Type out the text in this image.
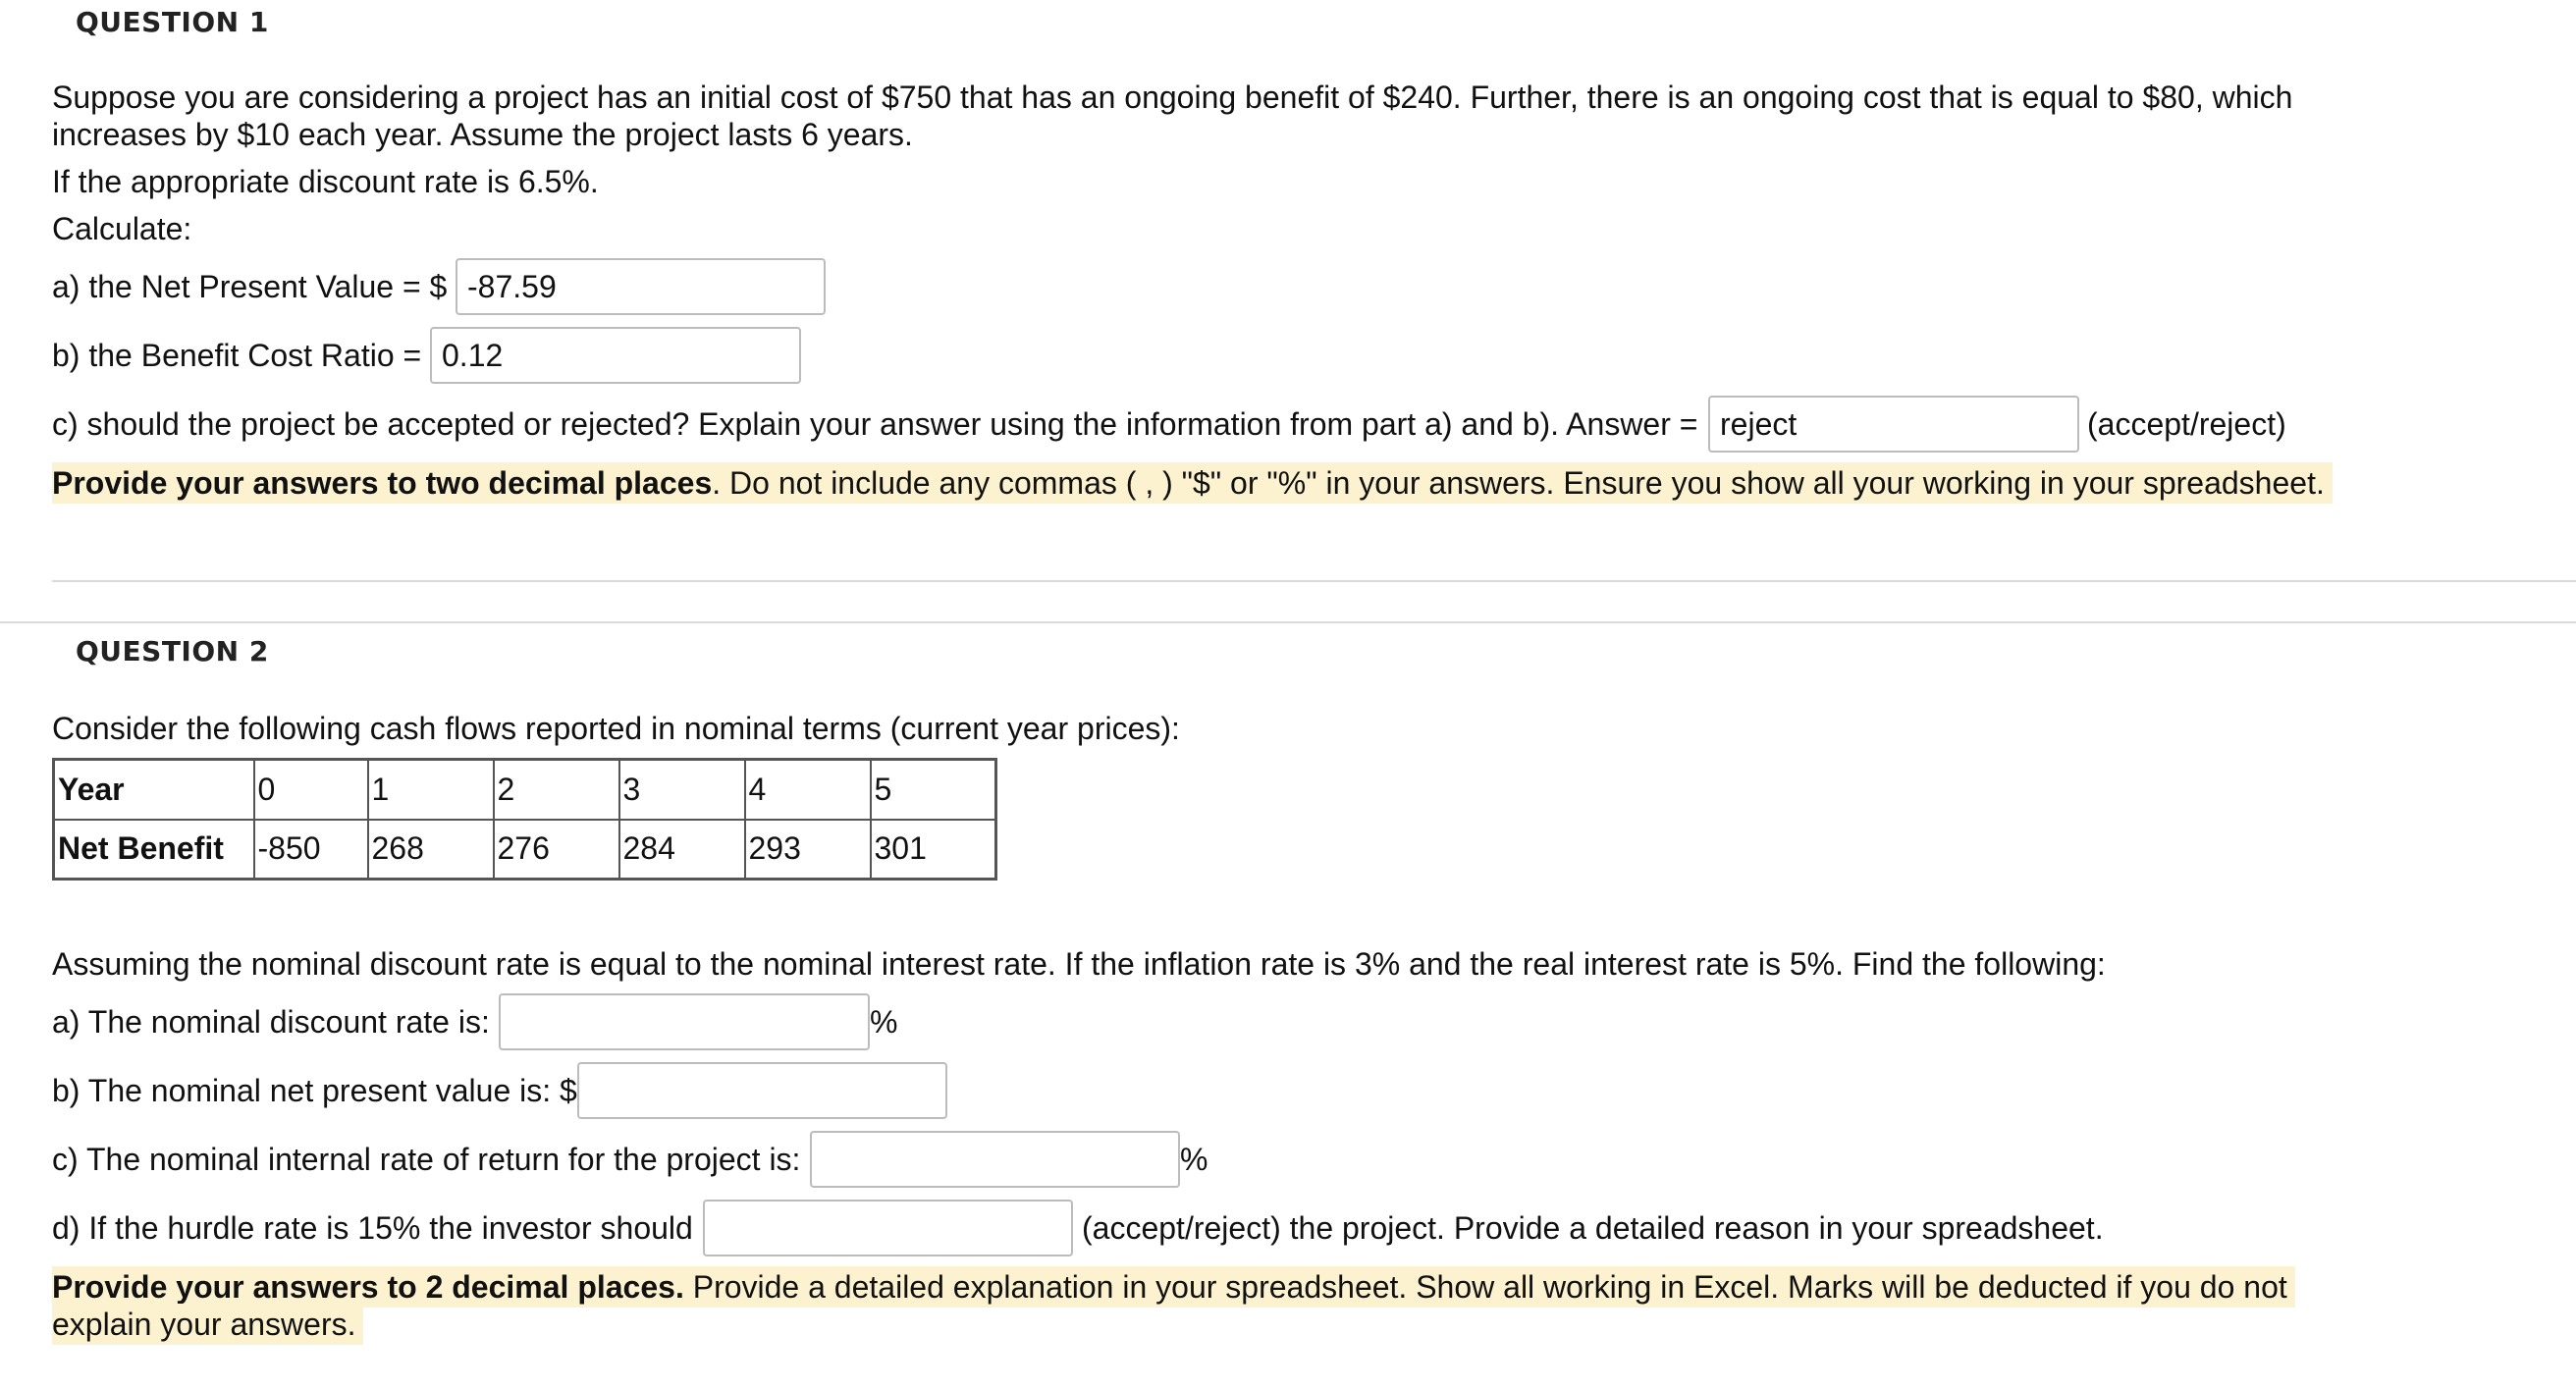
QUESTION 1
Suppose you are considering a project has an initial cost of $750 that has an ongoing benefit of $240. Further, there is an ongoing cost that is equal to $80, which increases by $10 each year. Assume the project lasts 6 years.
If the appropriate discount rate is 6.5%.
Calculate:
a) the Net Present Value = $
-87.59
b) the Benefit Cost Ratio =
0.12
c) should the project be accepted or rejected? Explain your answer using the information from part a) and b). Answer =
reject	(accept/reject)
Provide your answers to two decimal places. Do not include any commas ( , ) "$" or "%" in your answers. Ensure you show all your working in your spreadsheet.
QUESTION 2
Consider the following cash flows reported in nominal terms (current year prices):
Year	0	1	2	3	4	5
Net Benefit	-850	268	276	284	293	301
Assuming the nominal discount rate is equal to the nominal interest rate. If the inflation rate is 3% and the real interest rate is 5%. Find the following:
a) The nominal discount rate is:	%
b) The nominal net present value is: $
c) The nominal internal rate of return for the project is:	%
d) If the hurdle rate is 15% the investor should	(accept/reject) the project. Provide a detailed reason in your spreadsheet.
Provide your answers to 2 decimal places. Provide a detailed explanation in your spreadsheet. Show all working in Excel. Marks will be deducted if you do not explain your answers.
